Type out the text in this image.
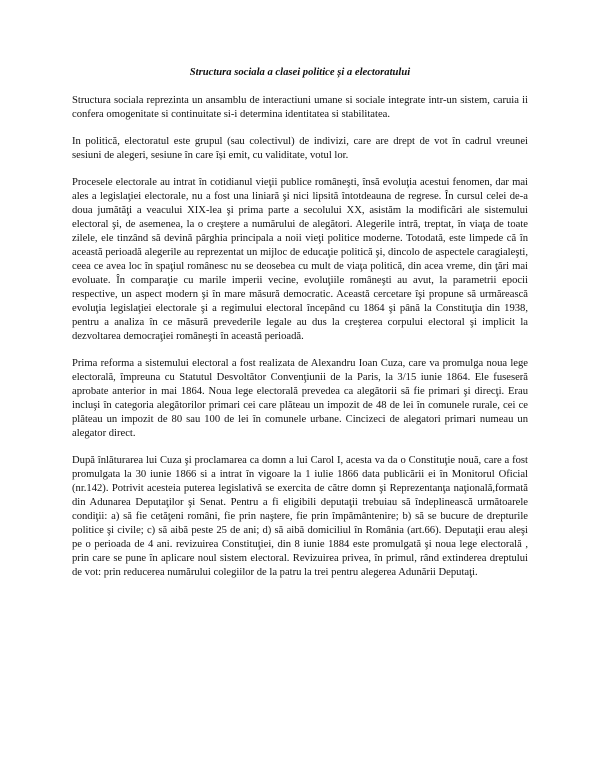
Structura sociala a clasei politice și a electoratului

Structura sociala reprezinta un ansamblu de interactiuni umane si sociale integrate intr-un sistem, caruia ii confera omogenitate si continuitate si-i determina identitatea si stabilitatea.

In politică, electoratul este grupul (sau colectivul) de indivizi, care are drept de vot în cadrul vreunei sesiuni de alegeri, sesiune în care își emit, cu validitate, votul lor.

Procesele electorale au intrat în cotidianul vieţii publice româneşti, însă evoluţia acestui fenomen, dar mai ales a legislaţiei electorale, nu a fost una liniară şi nici lipsită întotdeauna de regrese. În cursul celei de-a doua jumătăţi a veacului XIX-lea şi prima parte a secolului XX, asistăm la modificări ale sistemului electoral şi, de asemenea, la o creştere a numărului de alegători. Alegerile intră, treptat, în viaţa de toate zilele, ele tinzând să devină pârghia principala a noii vieţi politice moderne. Totodată, este limpede că în această perioadă alegerile au reprezentat un mijloc de educaţie politică şi, dincolo de aspectele caragialeşti, ceea ce avea loc în spaţiul românesc nu se deosebea cu mult de viaţa politică, din acea vreme, din ţări mai evoluate. În comparaţie cu marile imperii vecine, evoluţiile româneşti au avut, la parametrii epocii respective, un aspect modern şi în mare măsură democratic. Această cercetare îşi propune să urmărească evoluţia legislaţiei electorale şi a regimului electoral începând cu 1864 şi până la Constituţia din 1938, pentru a analiza în ce măsură prevederile legale au dus la creşterea corpului electoral şi implicit la dezvoltarea democraţiei româneşti în această perioadă.

Prima reforma a sistemului electoral a fost realizata de Alexandru Ioan Cuza, care va promulga noua lege electorală, împreuna cu Statutul Desvoltător Convenţiunii de la Paris, la 3/15 iunie 1864. Ele fuseseră aprobate anterior in mai 1864. Noua lege electorală prevedea ca alegătorii să fie primari şi direcţi. Erau incluşi în categoria alegătorilor primari cei care plăteau un impozit de 48 de lei în comunele rurale, cei ce plăteau un impozit de 80 sau 100 de lei în comunele urbane. Cincizeci de alegatori primari numeau un alegator direct.

După înlăturarea lui Cuza şi proclamarea ca domn a lui Carol I, acesta va da o Constituţie nouă, care a fost promulgata la 30 iunie 1866 si a intrat în vigoare la 1 iulie 1866 data publicării ei în Monitorul Oficial (nr.142). Potrivit acesteia puterea legislativă se exercita de către domn şi Reprezentanţa naţională,formată din Adunarea Deputaţilor şi Senat. Pentru a fi eligibili deputaţii trebuiau să îndeplinească următoarele condiţii: a) să fie cetăţeni români, fie prin naştere, fie prin împământenire; b) să se bucure de drepturile politice şi civile; c) să aibă peste 25 de ani; d) să aibă domiciliul în România (art.66). Deputaţii erau aleşi pe o perioada de 4 ani. revizuirea Constituţiei, din 8 iunie 1884 este promulgată şi noua lege electorală , prin care se pune în aplicare noul sistem electoral. Revizuirea privea, în primul, rând extinderea dreptului de vot: prin reducerea numărului colegiilor de la patru la trei pentru alegerea Adunării Deputaţi.
